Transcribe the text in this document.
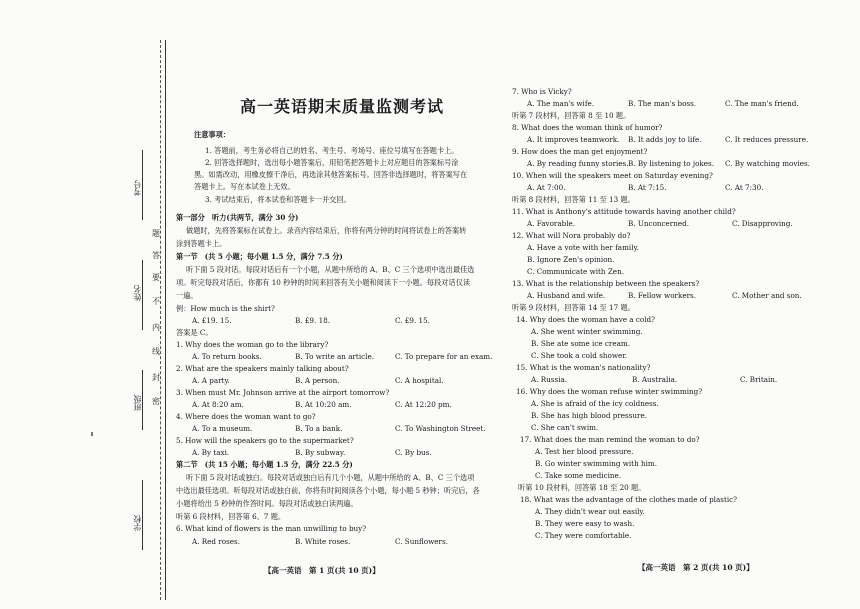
考号
姓名
班级
学校
题
答
要
不
内
线
封
密
高一英语期末质量监测考试
注意事项：
1. 答题前，考生务必将自己的姓名、考生号、考场号、座位号填写在答题卡上。
2. 回答选择题时，选出每小题答案后，用铅笔把答题卡上对应题目的答案标号涂
黑。如需改动，用橡皮擦干净后，再选涂其他答案标号。回答非选择题时，将答案写在
答题卡上。写在本试卷上无效。
3. 考试结束后，将本试卷和答题卡一并交回。
第一部分　听力(共两节，满分 30 分)
做题时，先将答案标在试卷上。录音内容结束后，你将有两分钟的时间将试卷上的答案转
涂到答题卡上。
第一节　(共 5 小题；每小题 1.5 分，满分 7.5 分)
听下面 5 段对话。每段对话后有一个小题，从题中所给的 A、B、C 三个选项中选出最佳选
项。听完每段对话后，你都有 10 秒钟的时间来回答有关小题和阅读下一小题。每段对话仅读
一遍。
例：How much is the shirt?
A. £19. 15.	B. £9. 18.	C. £9. 15.
答案是 C。
1. Why does the woman go to the library?
A. To return books.	B. To write an article.	C. To prepare for an exam.
2. What are the speakers mainly talking about?
A. A party.	B. A person.	C. A hospital.
3. When must Mr. Johnson arrive at the airport tomorrow?
A. At 8:20 am.	B. At 10:20 am.	C. At 12:20 pm.
4. Where does the woman want to go?
A. To a museum.	B. To a bank.	C. To Washington Street.
5. How will the speakers go to the supermarket?
A. By taxi.	B. By subway.	C. By bus.
第二节　(共 15 小题；每小题 1.5 分，满分 22.5 分)
听下面 5 段对话或独白。每段对话或独白后有几个小题，从题中所给的 A、B、C 三个选项
中选出最佳选项。听每段对话或独白前，你将有时间阅读各个小题，每小题 5 秒钟；听完后，各
小题将给出 5 秒钟的作答时间。每段对话或独白读两遍。
听第 6 段材料，回答第 6、7 题。
6. What kind of flowers is the man unwilling to buy?
A. Red roses.	B. White roses.	C. Sunflowers.
【高一英语　第 1 页(共 10 页)】
7. Who is Vicky?
A. The man's wife.	B. The man's boss.	C. The man's friend.
听第 7 段材料，回答第 8 至 10 题。
8. What does the woman think of humor?
A. It improves teamwork. B. It adds joy to life.	C. It reduces pressure.
9. How does the man get enjoyment?
A. By reading funny stories. B. By listening to jokes. C. By watching movies.
10. When will the speakers meet on Saturday evening?
A. At 7:00.	B. At 7:15.	C. At 7:30.
听第 8 段材料，回答第 11 至 13 题。
11. What is Anthony's attitude towards having another child?
A. Favorable.	B. Unconcerned.	C. Disapproving.
12. What will Nora probably do?
A. Have a vote with her family.
B. Ignore Zen's opinion.
C. Communicate with Zen.
13. What is the relationship between the speakers?
A. Husband and wife.	B. Fellow workers.	C. Mother and son.
听第 9 段材料，回答第 14 至 17 题。
14. Why does the woman have a cold?
A. She went winter swimming.
B. She ate some ice cream.
C. She took a cold shower.
15. What is the woman's nationality?
A. Russia.	B. Australia.	C. Britain.
16. Why does the woman refuse winter swimming?
A. She is afraid of the icy coldness.
B. She has high blood pressure.
C. She can't swim.
17. What does the man remind the woman to do?
A. Test her blood pressure.
B. Go winter swimming with him.
C. Take some medicine.
听第 10 段材料，回答第 18 至 20 题。
18. What was the advantage of the clothes made of plastic?
A. They didn't wear out easily.
B. They were easy to wash.
C. They were comfortable.
【高一英语　第 2 页(共 10 页)】
